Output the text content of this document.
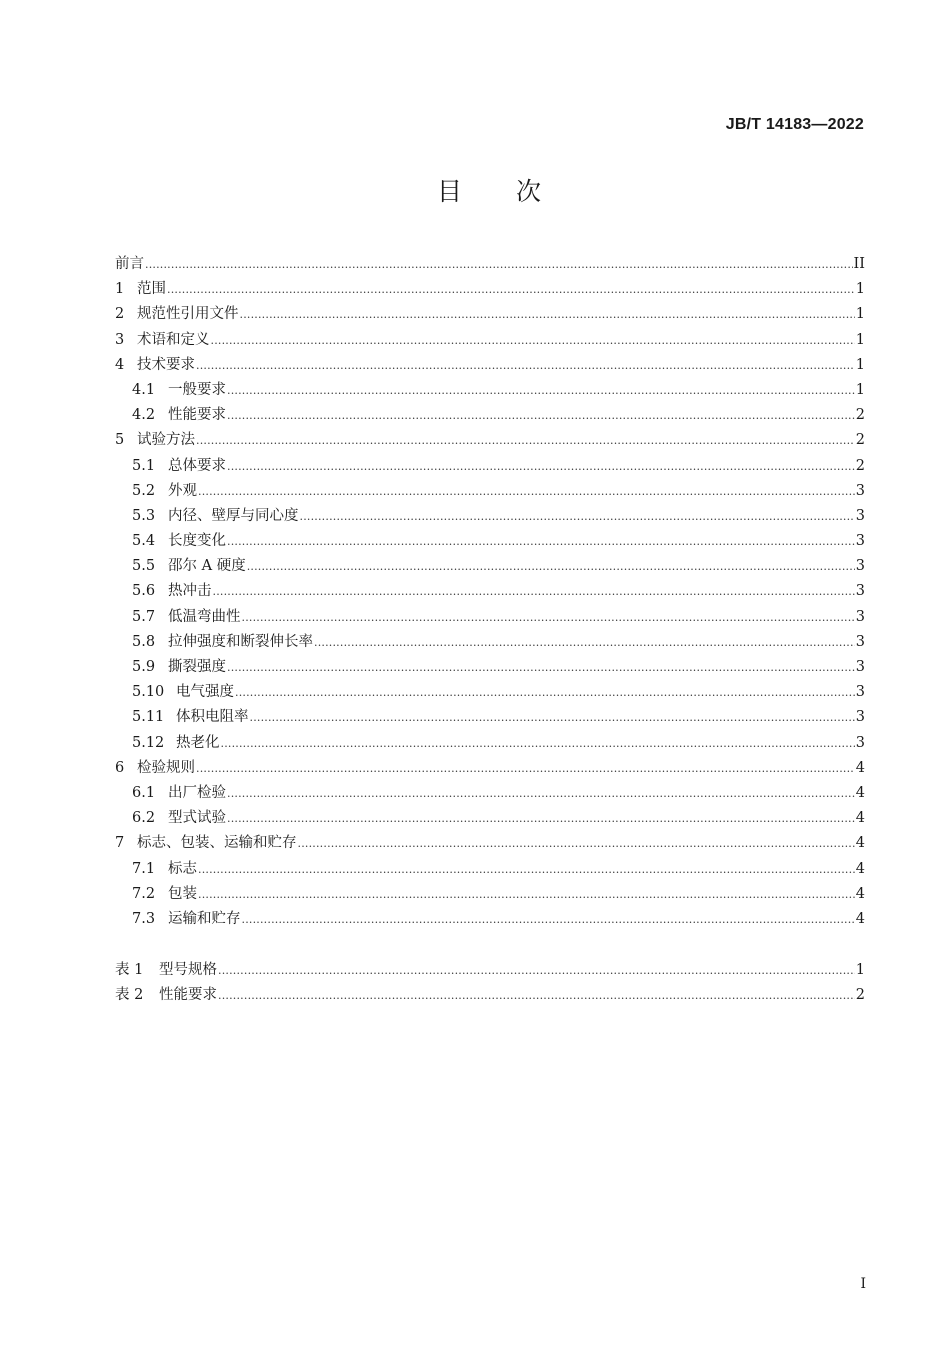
JB/T 14183—2022
目 次
前言 .....	II
1 范围 .....	1
2 规范性引用文件 .....	1
3 术语和定义 .....	1
4 技术要求 .....	1
4.1 一般要求 .....	1
4.2 性能要求 .....	2
5 试验方法 .....	2
5.1 总体要求 .....	2
5.2 外观 .....	3
5.3 内径、壁厚与同心度 .....	3
5.4 长度变化 .....	3
5.5 邵尔 A 硬度 .....	3
5.6 热冲击 .....	3
5.7 低温弯曲性 .....	3
5.8 拉伸强度和断裂伸长率 .....	3
5.9 撕裂强度 .....	3
5.10 电气强度 .....	3
5.11 体积电阻率 .....	3
5.12 热老化 .....	3
6 检验规则 .....	4
6.1 出厂检验 .....	4
6.2 型式试验 .....	4
7 标志、包装、运输和贮存 .....	4
7.1 标志 .....	4
7.2 包装 .....	4
7.3 运输和贮存 .....	4
表 1	型号规格 .....	1
表 2	性能要求 .....	2
I
